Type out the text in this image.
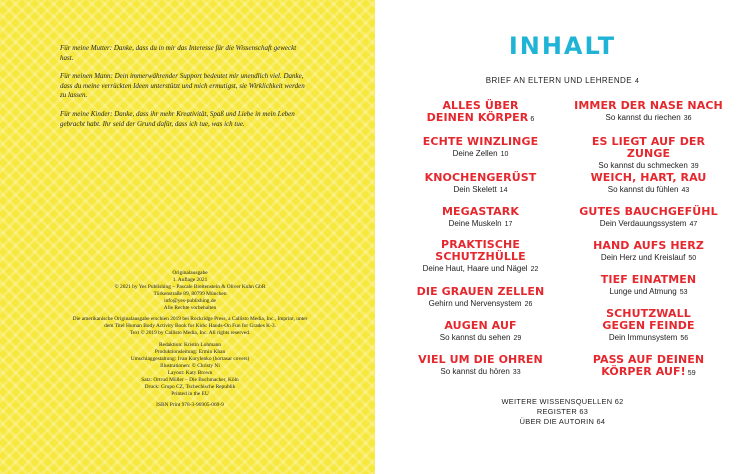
Für meine Mutter: Danke, dass du in mir das Interesse für die Wissenschaft geweckt hast.

Für meinen Mann: Dein immerwährender Support bedeutet mir unendlich viel. Danke, dass du meine verrückten Ideen unterstützt und mich ermutigst, sie Wirklichkeit werden zu lassen.

Für meine Kinder: Danke, dass ihr mehr Kreativität, Spaß und Liebe in mein Leben gebracht habt. Ihr seid der Grund dafür, dass ich tue, was ich tue.

Originalausgabe
1. Auflage 2021
© 2021 by Yes Publishing – Pascale Breitenstein & Oliver Kuhn GbR
Türkenstraße 89, 80799 München
info@yes-publishing.de
Alle Rechte vorbehalten
Die amerikanische Originalausgabe erschien 2019 bei Rockridge Press, a Callisto Media, Inc., Imprint, unter
dem Titel Human Body Activity Book for Kids: Hands-On Fun for Grades K-3.
Text © 2019 by Callisto Media, Inc. All rights reserved.
Redaktion: Kristin Lohmann
Produktionsleitung: Ermin Khan
Umschlaggestaltung: Ivan Kurylenko (hortasar covers)
Illustrationen: © Christy Ni
Layout: Katy Brown
Satz: Ortrud Müller – Die Buchmacher, Köln
Druck: Grupo CZ, Tschechische Republik
Printed in the EU
ISBN Print 978-3-96905-069-9
INHALT
BRIEF AN ELTERN UND LEHRENDE 4
ALLES ÜBER
DEINEN KÖRPER 6
ECHTE WINZLINGE
Deine Zellen 10
KNOCHENGERÜST
Dein Skelett 14
MEGASTARK
Deine Muskeln 17
PRAKTISCHE
SCHUTZHÜLLE
Deine Haut, Haare und Nägel 22
DIE GRAUEN ZELLEN
Gehirn und Nervensystem 26
AUGEN AUF
So kannst du sehen 29
VIEL UM DIE OHREN
So kannst du hören 33
IMMER DER NASE NACH
So kannst du riechen 36
ES LIEGT AUF DER ZUNGE
So kannst du schmecken 39
WEICH, HART, RAU
So kannst du fühlen 43
GUTES BAUCHGEFÜHL
Dein Verdauungssystem 47
HAND AUFS HERZ
Dein Herz und Kreislauf 50
TIEF EINATMEN
Lunge und Atmung 53
SCHUTZWALL
GEGEN FEINDE
Dein Immunsystem 56
PASS AUF DEINEN
KÖRPER AUF! 59
WEITERE WISSENSQUELLEN 62
REGISTER 63
ÜBER DIE AUTORIN 64
